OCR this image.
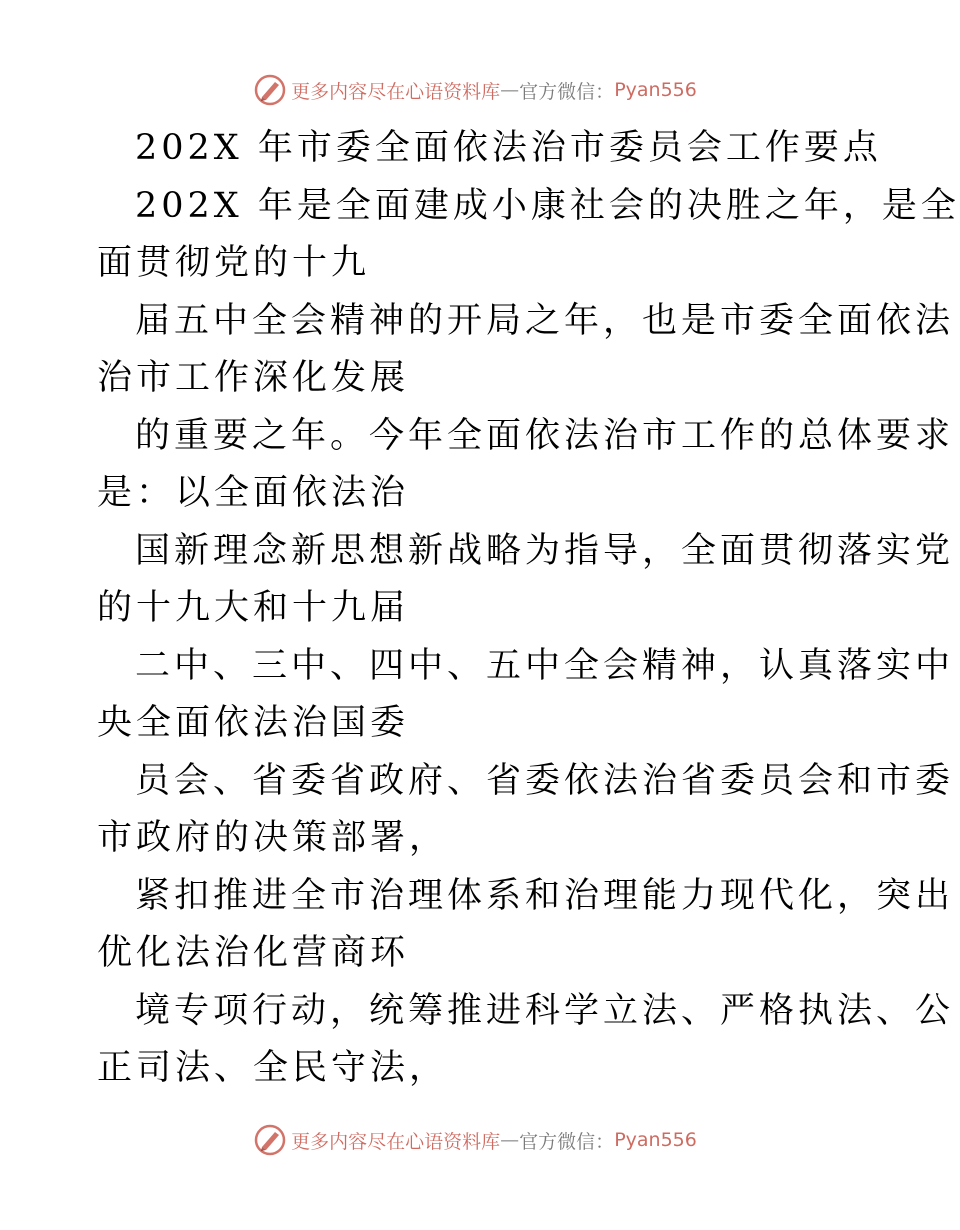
更多内容尽在心语资料库 — 官方微信： Pyan556
202X 年市委全面依法治市委员会工作要点
202X 年是全面建成小康社会的决胜之年，是全
面贯彻党的十九
届五中全会精神的开局之年，也是市委全面依法
治市工作深化发展
的重要之年。今年全面依法治市工作的总体要求
是：以全面依法治
国新理念新思想新战略为指导，全面贯彻落实党
的十九大和十九届
二中、三中、四中、五中全会精神，认真落实中
央全面依法治国委
员会、省委省政府、省委依法治省委员会和市委
市政府的决策部署，
紧扣推进全市治理体系和治理能力现代化，突出
优化法治化营商环
境专项行动，统筹推进科学立法、严格执法、公
正司法、全民守法，
更多内容尽在心语资料库 — 官方微信： Pyan556
